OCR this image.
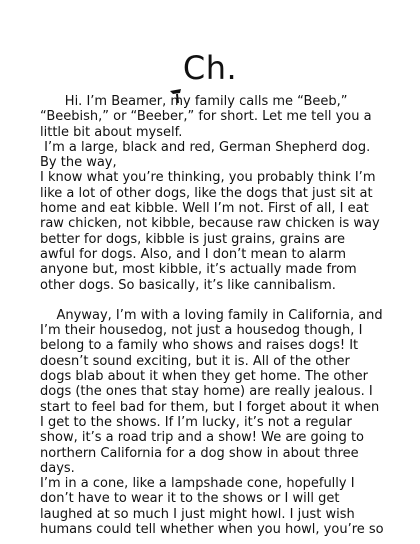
Ch.

Hi. I’m Beamer, my family calls me “Beeb,” “Beebish,” or “Beeber,” for short. Let me tell you a little bit about myself.

I’m a large, black and red, German Shepherd dog. By the way,

I know what you’re thinking, you probably think I’m like a lot of other dogs, like the dogs that just sit at home and eat kibble. Well I’m not. First of all, I eat raw chicken, not kibble, because raw chicken is way better for dogs, kibble is just grains, grains are awful for dogs. Also, and I don’t mean to alarm anyone but, most kibble, it’s actually made from other dogs. So basically, it’s like cannibalism.

Anyway, I’m with a loving family in California, and I’m their housedog, not just a housedog though, I belong to a family who shows and raises dogs! It doesn’t sound exciting, but it is. All of the other dogs blab about it when they get home. The other dogs (the ones that stay home) are really jealous. I start to feel bad for them, but I forget about it when I get to the shows. If I’m lucky, it’s not a regular show, it’s a road trip and a show! We are going to northern California for a dog show in about three days.

I’m in a cone, like a lampshade cone, hopefully I don’t have to wear it to the shows or I will get laughed at so much I just might howl. I just wish humans could tell whether when you howl, you’re so
